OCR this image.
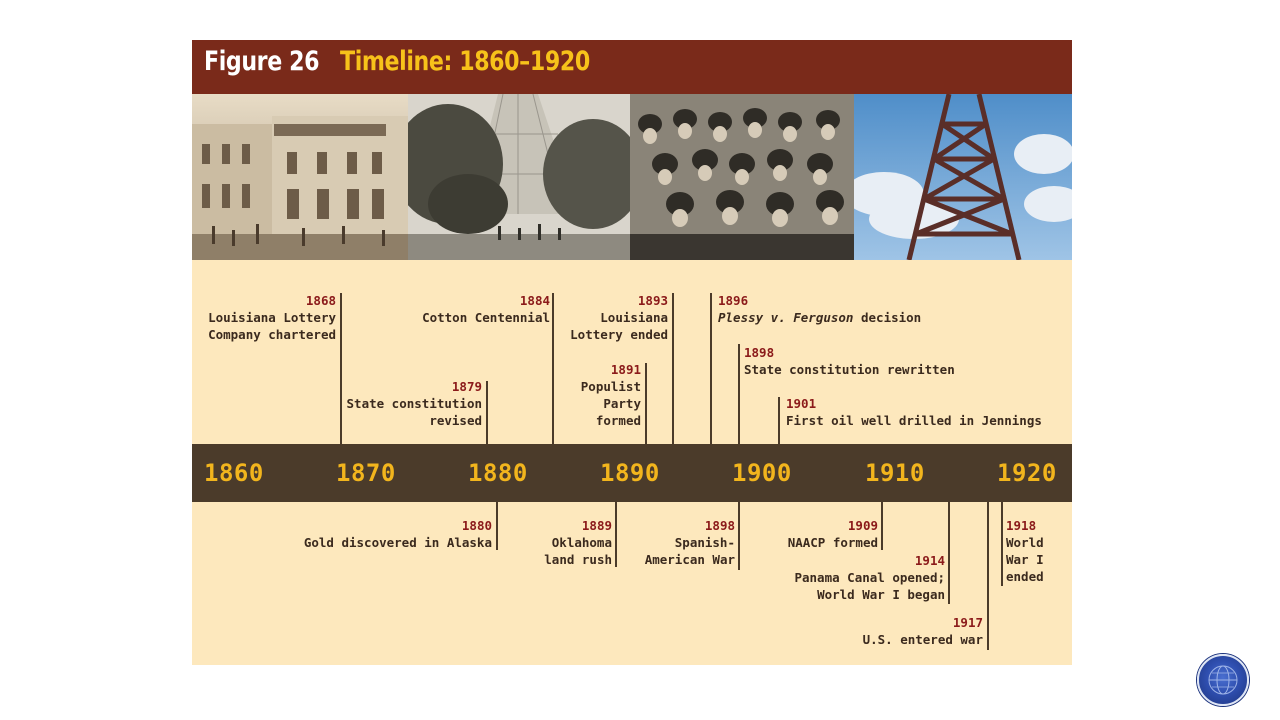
Figure 26 Timeline: 1860–1920
1860	1870	1880	1890	1900	1910	1920
1868
Louisiana Lottery
Company chartered
1879
State constitution
revised
1884
Cotton Centennial
1893
Louisiana
Lottery ended
1891
Populist
Party
formed
1896
Plessy v. Ferguson decision
1898
State constitution rewritten
1901
First oil well drilled in Jennings
1880
Gold discovered in Alaska
1889
Oklahoma
land rush
1898
Spanish-
American War
1909
NAACP formed
1914
Panama Canal opened;
World War I began
1917
U.S. entered war
1918
World
War I
ended
